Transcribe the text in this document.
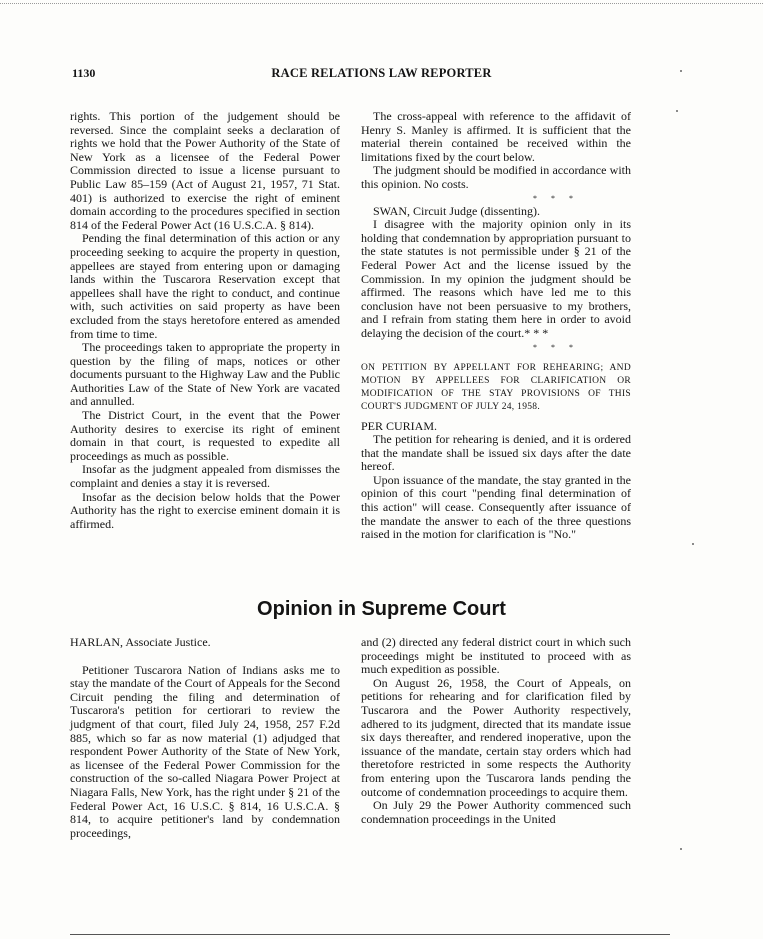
1130	RACE RELATIONS LAW REPORTER

rights. This portion of the judgement should be reversed. Since the complaint seeks a declaration of rights we hold that the Power Authority of the State of New York as a licensee of the Federal Power Commission directed to issue a license pursuant to Public Law 85–159 (Act of August 21, 1957, 71 Stat. 401) is authorized to exercise the right of eminent domain according to the procedures specified in section 814 of the Federal Power Act (16 U.S.C.A. § 814).

Pending the final determination of this action or any proceeding seeking to acquire the property in question, appellees are stayed from entering upon or damaging lands within the Tuscarora Reservation except that appellees shall have the right to conduct, and continue with, such activities on said property as have been excluded from the stays heretofore entered as amended from time to time.

The proceedings taken to appropriate the property in question by the filing of maps, notices or other documents pursuant to the Highway Law and the Public Authorities Law of the State of New York are vacated and annulled.

The District Court, in the event that the Power Authority desires to exercise its right of eminent domain in that court, is requested to expedite all proceedings as much as possible.

Insofar as the judgment appealed from dismisses the complaint and denies a stay it is reversed.

Insofar as the decision below holds that the Power Authority has the right to exercise eminent domain it is affirmed.

The cross-appeal with reference to the affidavit of Henry S. Manley is affirmed. It is sufficient that the material therein contained be received within the limitations fixed by the court below.

The judgment should be modified in accordance with this opinion. No costs.

* * *

SWAN, Circuit Judge (dissenting).

I disagree with the majority opinion only in its holding that condemnation by appropriation pursuant to the state statutes is not permissible under § 21 of the Federal Power Act and the license issued by the Commission. In my opinion the judgment should be affirmed. The reasons which have led me to this conclusion have not been persuasive to my brothers, and I refrain from stating them here in order to avoid delaying the decision of the court.* * *

* * *

ON PETITION BY APPELLANT FOR REHEARING; AND MOTION BY APPELLEES FOR CLARIFICATION OR MODIFICATION OF THE STAY PROVISIONS OF THIS COURT'S JUDGMENT OF JULY 24, 1958.

PER CURIAM.

The petition for rehearing is denied, and it is ordered that the mandate shall be issued six days after the date hereof.

Upon issuance of the mandate, the stay granted in the opinion of this court "pending final determination of this action" will cease. Consequently after issuance of the mandate the answer to each of the three questions raised in the motion for clarification is "No."

Opinion in Supreme Court

HARLAN, Associate Justice.

Petitioner Tuscarora Nation of Indians asks me to stay the mandate of the Court of Appeals for the Second Circuit pending the filing and determination of Tuscarora's petition for certiorari to review the judgment of that court, filed July 24, 1958, 257 F.2d 885, which so far as now material (1) adjudged that respondent Power Authority of the State of New York, as licensee of the Federal Power Commission for the construction of the so-called Niagara Power Project at Niagara Falls, New York, has the right under § 21 of the Federal Power Act, 16 U.S.C. § 814, 16 U.S.C.A. § 814, to acquire petitioner's land by condemnation proceedings,

and (2) directed any federal district court in which such proceedings might be instituted to proceed with as much expedition as possible.

On August 26, 1958, the Court of Appeals, on petitions for rehearing and for clarification filed by Tuscarora and the Power Authority respectively, adhered to its judgment, directed that its mandate issue six days thereafter, and rendered inoperative, upon the issuance of the mandate, certain stay orders which had theretofore restricted in some respects the Authority from entering upon the Tuscarora lands pending the outcome of condemnation proceedings to acquire them.

On July 29 the Power Authority commenced such condemnation proceedings in the United
